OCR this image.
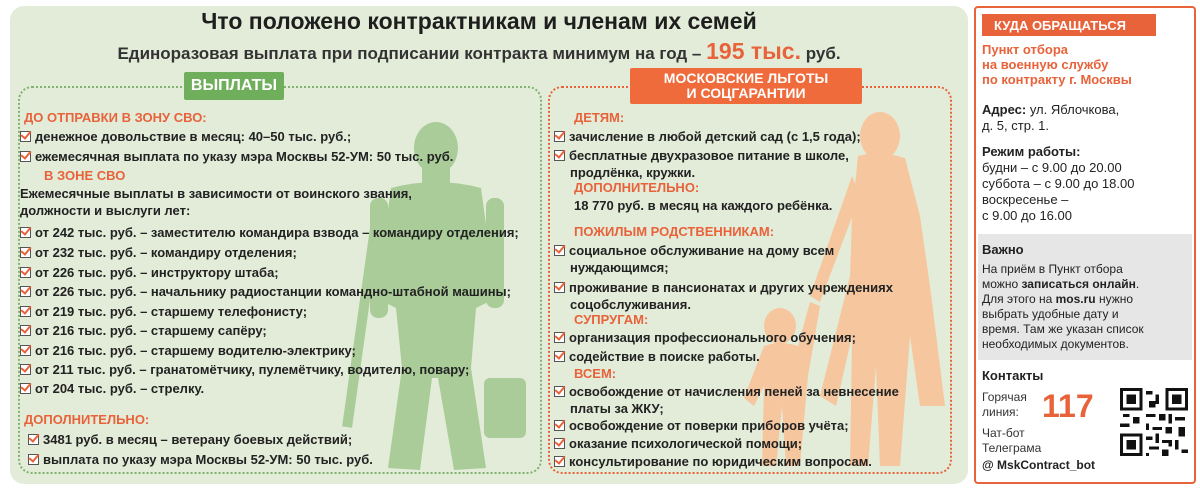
Что положено контрактникам и членам их семей
Единоразовая выплата при подписании контракта минимум на год – 195 тыс. руб.
ВЫПЛАТЫ	МОСКОВСКИЕ ЛЬГОТЫ
И СОЦГАРАНТИИ
ДО ОТПРАВКИ В ЗОНУ СВО:
денежное довольствие в месяц: 40–50 тыс. руб.;
ежемесячная выплата по указу мэра Москвы 52-УМ: 50 тыс. руб.
В ЗОНЕ СВО
Ежемесячные выплаты в зависимости от воинского звания,
должности и выслуги лет:
от 242 тыс. руб. – заместителю командира взвода – командиру отделения;
от 232 тыс. руб. – командиру отделения;
от 226 тыс. руб. – инструктору штаба;
от 226 тыс. руб. – начальнику радиостанции командно-штабной машины;
от 219 тыс. руб. – старшему телефонисту;
от 216 тыс. руб. – старшему сапёру;
от 216 тыс. руб. – старшему водителю-электрику;
от 211 тыс. руб. – гранатомётчику, пулемётчику, водителю, повару;
от 204 тыс. руб. – стрелку.
ДОПОЛНИТЕЛЬНО:
3481 руб. в месяц – ветерану боевых действий;
выплата по указу мэра Москвы 52-УМ: 50 тыс. руб.
ДЕТЯМ:
зачисление в любой детский сад (с 1,5 года);
бесплатные двухразовое питание в школе,
продлёнка, кружки.
ДОПОЛНИТЕЛЬНО:
18 770 руб. в месяц на каждого ребёнка.
ПОЖИЛЫМ РОДСТВЕННИКАМ:
социальное обслуживание на дому всем
нуждающимся;
проживание в пансионатах и других учреждениях
соцобслуживания.
СУПРУГАМ:
организация профессионального обучения;
содействие в поиске работы.
ВСЕМ:
освобождение от начисления пеней за невнесение
платы за ЖКУ;
освобождение от поверки приборов учёта;
оказание психологической помощи;
консультирование по юридическим вопросам.
КУДА ОБРАЩАТЬСЯ
Пункт отбора
на военную службу
по контракту г. Москвы
Адрес: ул. Яблочкова,
д. 5, стр. 1.
Режим работы:
будни – с 9.00 до 20.00
суббота – с 9.00 до 18.00
воскресенье –
с 9.00 до 16.00
Важно
На приём в Пункт отбора
можно записаться онлайн.
Для этого на mos.ru нужно
выбрать удобные дату и
время. Там же указан список
необходимых документов.
Контакты
Горячая
линия: 117
Чат-бот
Телеграма
@ MskContract_bot
